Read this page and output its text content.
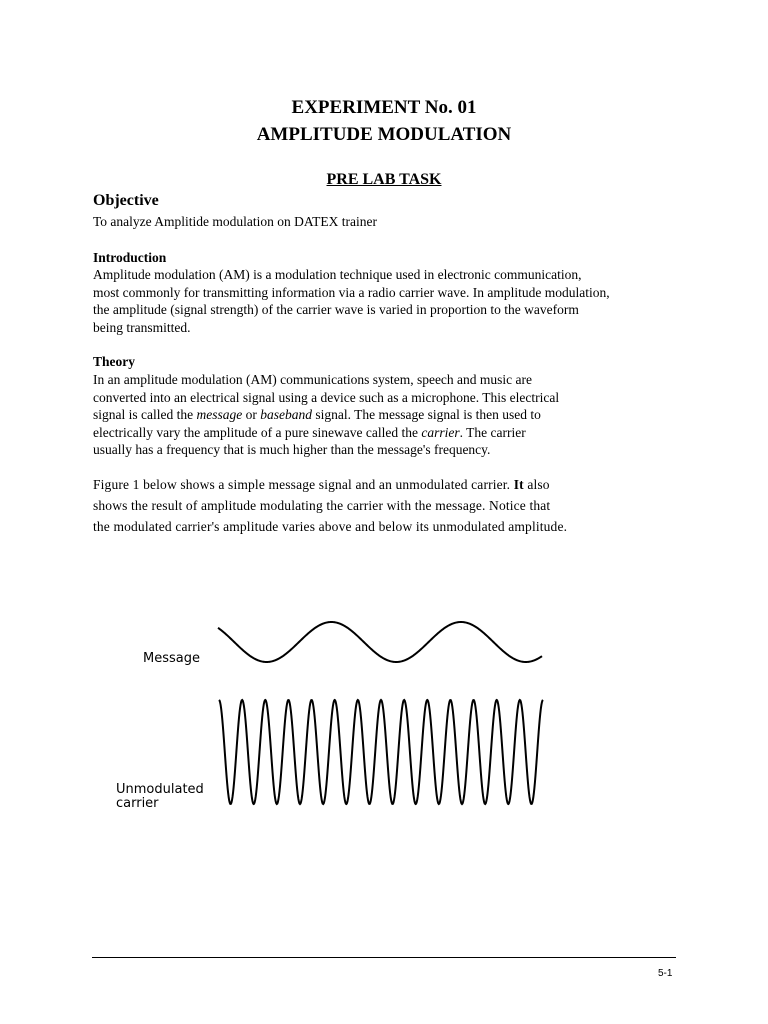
EXPERIMENT No. 01
AMPLITUDE MODULATION
PRE LAB TASK
Objective
To analyze Amplitide modulation on DATEX trainer
Introduction
Amplitude modulation (AM) is a modulation technique used in electronic communication,
most commonly for transmitting information via a radio carrier wave. In amplitude modulation,
the amplitude (signal strength) of the carrier wave is varied in proportion to the waveform
being transmitted.
Theory
In an amplitude modulation (AM) communications system, speech and music are
converted into an electrical signal using a device such as a microphone. This electrical
signal is called the message or baseband signal. The message signal is then used to
electrically vary the amplitude of a pure sinewave called the carrier. The carrier
usually has a frequency that is much higher than the message's frequency.
Figure 1 below shows a simple message signal and an unmodulated carrier. It also
shows the result of amplitude modulating the carrier with the message. Notice that
the modulated carrier's amplitude varies above and below its unmodulated amplitude.
Message
Unmodulated
carrier
5-1
